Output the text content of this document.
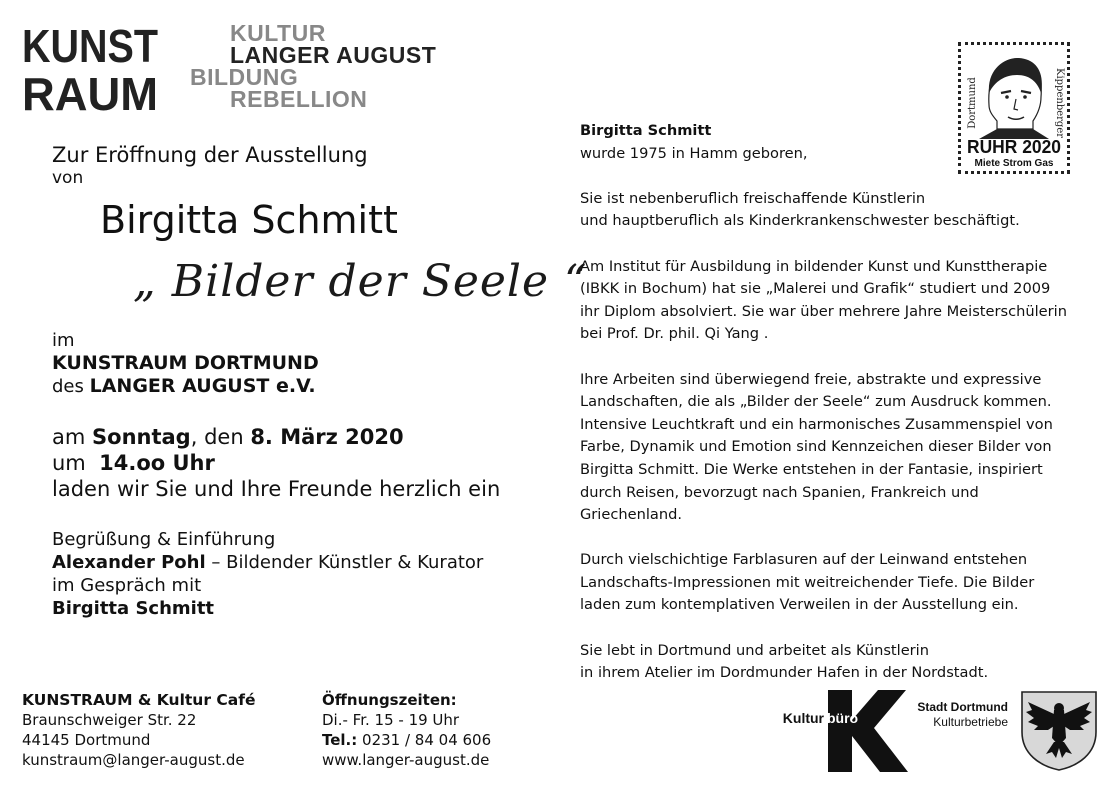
KUNST
RAUM
KULTUR
LANGER AUGUST
BILDUNG
REBELLION
Zur Eröffnung der Ausstellung
von
Birgitta Schmitt
„ Bilder der Seele “
im
KUNSTRAUM DORTMUND
des LANGER AUGUST e.V.
am Sonntag, den 8. März 2020
um  14.oo Uhr
laden wir Sie und Ihre Freunde herzlich ein
Begrüßung & Einführung
Alexander Pohl – Bildender Künstler & Kurator
im Gespräch mit
Birgitta Schmitt

Birgitta Schmitt
wurde 1975 in Hamm geboren,

Sie ist nebenberuflich freischaffende Künstlerin
und hauptberuflich als Kinderkrankenschwester beschäftigt.

Am Institut für Ausbildung in bildender Kunst und Kunsttherapie
(IBKK in Bochum) hat sie „Malerei und Grafik“ studiert und 2009
ihr Diplom absolviert. Sie war über mehrere Jahre Meisterschülerin
bei Prof. Dr. phil. Qi Yang .

Ihre Arbeiten sind überwiegend freie, abstrakte und expressive
Landschaften, die als „Bilder der Seele“ zum Ausdruck kommen.
Intensive Leuchtkraft und ein harmonisches Zusammenspiel von
Farbe, Dynamik und Emotion sind Kennzeichen dieser Bilder von
Birgitta Schmitt. Die Werke entstehen in der Fantasie, inspiriert
durch Reisen, bevorzugt nach Spanien, Frankreich und
Griechenland.

Durch vielschichtige Farblasuren auf der Leinwand entstehen
Landschafts-Impressionen mit weitreichender Tiefe. Die Bilder
laden zum kontemplativen Verweilen in der Ausstellung ein.

Sie lebt in Dortmund und arbeitet als Künstlerin
in ihrem Atelier im Dordmunder Hafen in der Nordstadt.

Dortmund	Kippenberger
RUHR 2020
Miete Strom Gas
KUNSTRAUM & Kultur Café
Braunschweiger Str. 22
44145 Dortmund
kunstraum@langer-august.de
Öffnungszeiten:
Di.- Fr. 15 - 19 Uhr
Tel.: 0231 / 84 04 606
www.langer-august.de
Kultur büro
Stadt Dortmund
Kulturbetriebe
